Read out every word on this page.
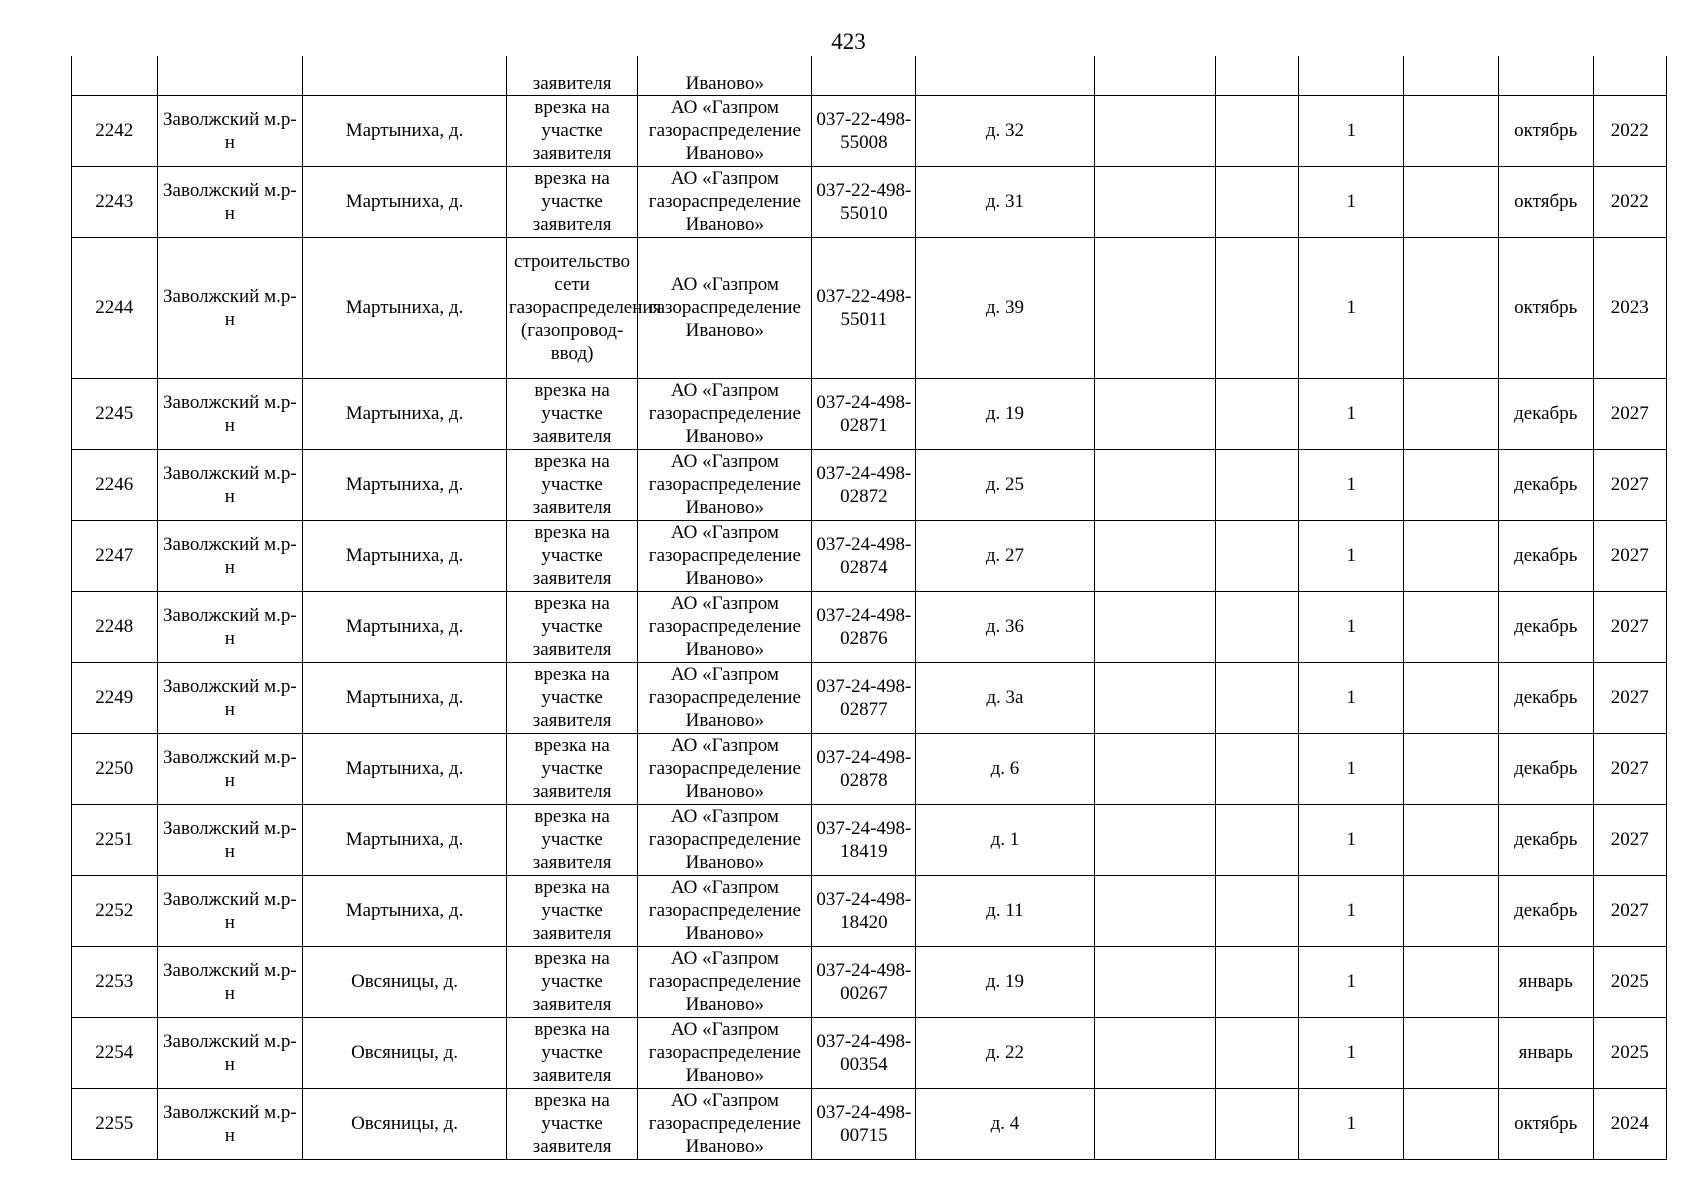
423
			заявителя	Иваново»								
2242	Заволжский м.р-н	Мартыниха, д.	врезка на участке заявителя	АО «Газпром газораспределение Иваново»	037-22-498-55008	д. 32			1		октябрь	2022
2243	Заволжский м.р-н	Мартыниха, д.	врезка на участке заявителя	АО «Газпром газораспределение Иваново»	037-22-498-55010	д. 31			1		октябрь	2022
2244	Заволжский м.р-н	Мартыниха, д.	строительство сети газораспределения (газопровод-ввод)	АО «Газпром газораспределение Иваново»	037-22-498-55011	д. 39			1		октябрь	2023
2245	Заволжский м.р-н	Мартыниха, д.	врезка на участке заявителя	АО «Газпром газораспределение Иваново»	037-24-498-02871	д. 19			1		декабрь	2027
2246	Заволжский м.р-н	Мартыниха, д.	врезка на участке заявителя	АО «Газпром газораспределение Иваново»	037-24-498-02872	д. 25			1		декабрь	2027
2247	Заволжский м.р-н	Мартыниха, д.	врезка на участке заявителя	АО «Газпром газораспределение Иваново»	037-24-498-02874	д. 27			1		декабрь	2027
2248	Заволжский м.р-н	Мартыниха, д.	врезка на участке заявителя	АО «Газпром газораспределение Иваново»	037-24-498-02876	д. 36			1		декабрь	2027
2249	Заволжский м.р-н	Мартыниха, д.	врезка на участке заявителя	АО «Газпром газораспределение Иваново»	037-24-498-02877	д. 3а			1		декабрь	2027
2250	Заволжский м.р-н	Мартыниха, д.	врезка на участке заявителя	АО «Газпром газораспределение Иваново»	037-24-498-02878	д. 6			1		декабрь	2027
2251	Заволжский м.р-н	Мартыниха, д.	врезка на участке заявителя	АО «Газпром газораспределение Иваново»	037-24-498-18419	д. 1			1		декабрь	2027
2252	Заволжский м.р-н	Мартыниха, д.	врезка на участке заявителя	АО «Газпром газораспределение Иваново»	037-24-498-18420	д. 11			1		декабрь	2027
2253	Заволжский м.р-н	Овсяницы, д.	врезка на участке заявителя	АО «Газпром газораспределение Иваново»	037-24-498-00267	д. 19			1		январь	2025
2254	Заволжский м.р-н	Овсяницы, д.	врезка на участке заявителя	АО «Газпром газораспределение Иваново»	037-24-498-00354	д. 22			1		январь	2025
2255	Заволжский м.р-н	Овсяницы, д.	врезка на участке заявителя	АО «Газпром газораспределение Иваново»	037-24-498-00715	д. 4			1		октябрь	2024
